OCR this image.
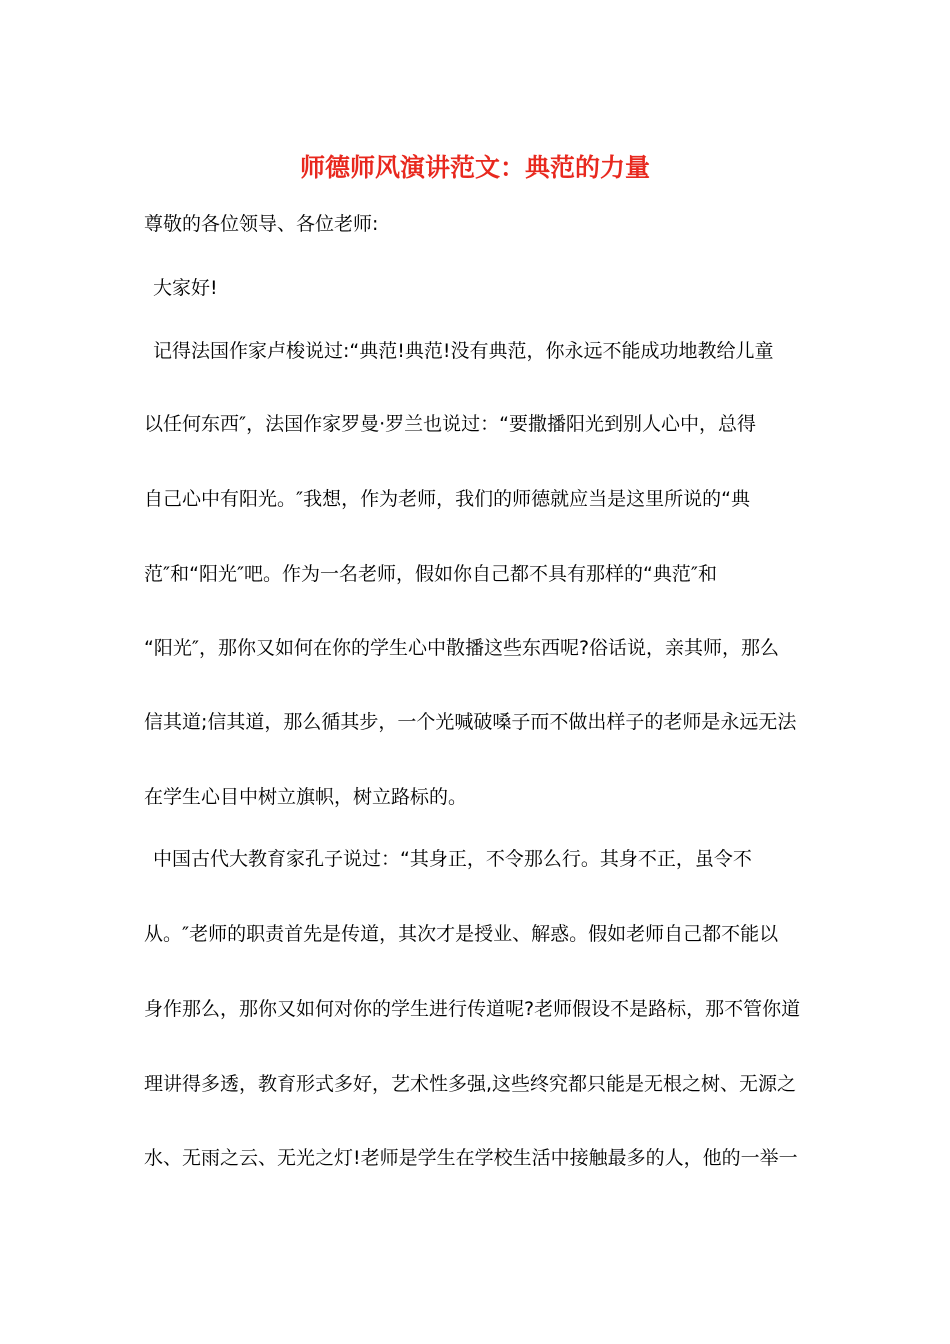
师德师风演讲范文：典范的力量
尊敬的各位领导、各位老师:
大家好!
记得法国作家卢梭说过:“典范!典范!没有典范，你永远不能成功地教给儿童
以任何东西″，法国作家罗曼·罗兰也说过：“要撒播阳光到别人心中，总得
自己心中有阳光。″我想，作为老师，我们的师德就应当是这里所说的“典
范″和“阳光″吧。作为一名老师，假如你自己都不具有那样的“典范″和
“阳光″，那你又如何在你的学生心中散播这些东西呢?俗话说，亲其师，那么
信其道;信其道，那么循其步，一个光喊破嗓子而不做出样子的老师是永远无法
在学生心目中树立旗帜，树立路标的。
中国古代大教育家孔子说过：“其身正，不令那么行。其身不正，虽令不
从。″老师的职责首先是传道，其次才是授业、解惑。假如老师自己都不能以
身作那么，那你又如何对你的学生进行传道呢?老师假设不是路标，那不管你道
理讲得多透，教育形式多好，艺术性多强,这些终究都只能是无根之树、无源之
水、无雨之云、无光之灯!老师是学生在学校生活中接触最多的人，他的一举一
